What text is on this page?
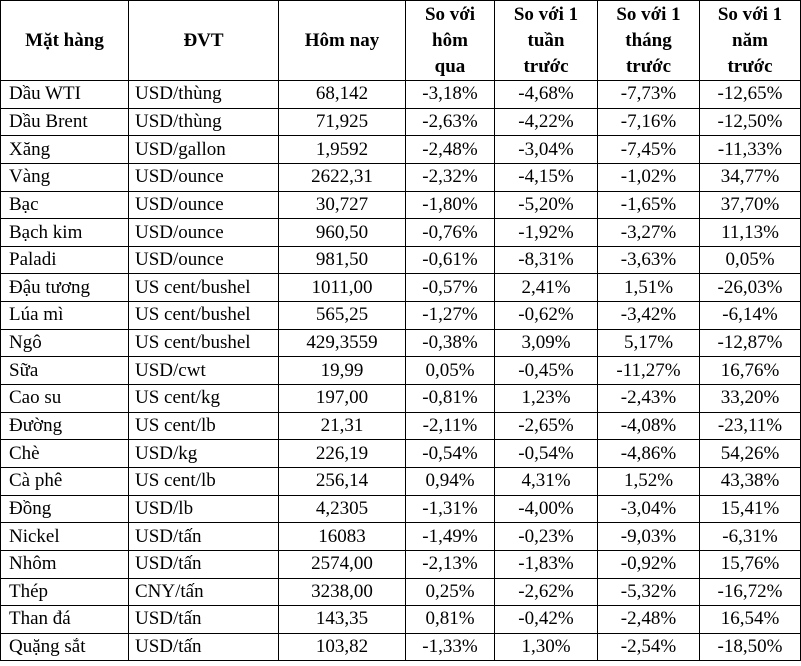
Mặt hàng	ĐVT	Hôm nay	So với
hôm
qua	So với 1
tuần
trước	So với 1
tháng
trước	So với 1
năm
trước
Dầu WTI	USD/thùng	68,142	-3,18%	-4,68%	-7,73%	-12,65%
Dầu Brent	USD/thùng	71,925	-2,63%	-4,22%	-7,16%	-12,50%
Xăng	USD/gallon	1,9592	-2,48%	-3,04%	-7,45%	-11,33%
Vàng	USD/ounce	2622,31	-2,32%	-4,15%	-1,02%	34,77%
Bạc	USD/ounce	30,727	-1,80%	-5,20%	-1,65%	37,70%
Bạch kim	USD/ounce	960,50	-0,76%	-1,92%	-3,27%	11,13%
Paladi	USD/ounce	981,50	-0,61%	-8,31%	-3,63%	0,05%
Đậu tương	US cent/bushel	1011,00	-0,57%	2,41%	1,51%	-26,03%
Lúa mì	US cent/bushel	565,25	-1,27%	-0,62%	-3,42%	-6,14%
Ngô	US cent/bushel	429,3559	-0,38%	3,09%	5,17%	-12,87%
Sữa	USD/cwt	19,99	0,05%	-0,45%	-11,27%	16,76%
Cao su	US cent/kg	197,00	-0,81%	1,23%	-2,43%	33,20%
Đường	US cent/lb	21,31	-2,11%	-2,65%	-4,08%	-23,11%
Chè	USD/kg	226,19	-0,54%	-0,54%	-4,86%	54,26%
Cà phê	US cent/lb	256,14	0,94%	4,31%	1,52%	43,38%
Đồng	USD/lb	4,2305	-1,31%	-4,00%	-3,04%	15,41%
Nickel	USD/tấn	16083	-1,49%	-0,23%	-9,03%	-6,31%
Nhôm	USD/tấn	2574,00	-2,13%	-1,83%	-0,92%	15,76%
Thép	CNY/tấn	3238,00	0,25%	-2,62%	-5,32%	-16,72%
Than đá	USD/tấn	143,35	0,81%	-0,42%	-2,48%	16,54%
Quặng sắt	USD/tấn	103,82	-1,33%	1,30%	-2,54%	-18,50%
